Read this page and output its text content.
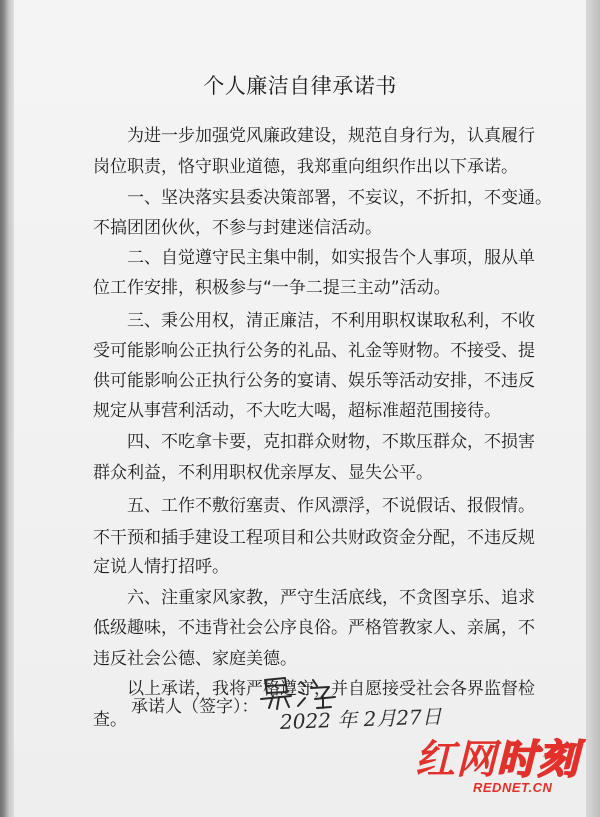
个人廉洁自律承诺书
为进一步加强党风廉政建设，规范自身行为，认真履行
岗位职责，恪守职业道德，我郑重向组织作出以下承诺。
一、坚决落实县委决策部署，不妄议，不折扣，不变通。
不搞团团伙伙，不参与封建迷信活动。
二、自觉遵守民主集中制，如实报告个人事项，服从单
位工作安排，积极参与“一争二提三主动”活动。
三、秉公用权，清正廉洁，不利用职权谋取私利，不收
受可能影响公正执行公务的礼品、礼金等财物。不接受、提
供可能影响公正执行公务的宴请、娱乐等活动安排，不违反
规定从事营利活动，不大吃大喝，超标准超范围接待。
四、不吃拿卡要，克扣群众财物，不欺压群众，不损害
群众利益，不利用职权优亲厚友、显失公平。
五、工作不敷衍塞责、作风漂浮，不说假话、报假情。
不干预和插手建设工程项目和公共财政资金分配，不违反规
定说人情打招呼。
六、注重家风家教，严守生活底线，不贪图享乐、追求
低级趣味，不违背社会公序良俗。严格管教家人、亲属，不
违反社会公德、家庭美德。
以上承诺，我将严格遵守，并自愿接受社会各界监督检
查。
承诺人（签字）： 2022 年 2月27日
红网时刻
REDNET.CN
